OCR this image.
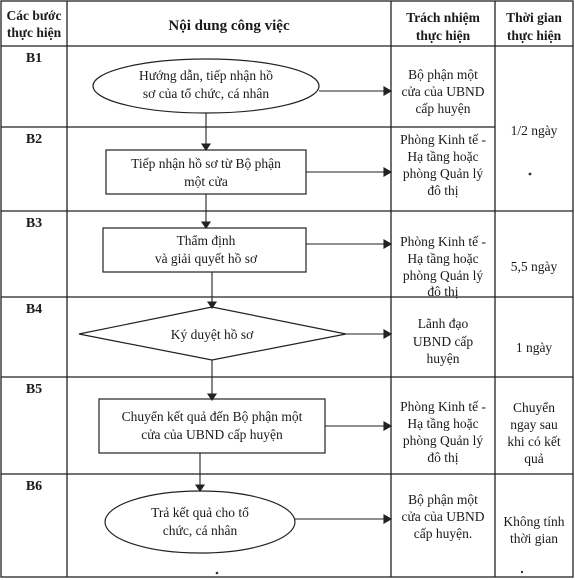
Các bước
thực hiện	Nội dung công việc
Trách nhiệm
thực hiện
Thời gian
thực hiện
B1
B2
B3
B4
B5
B6
Hướng dẫn, tiếp nhận hồ
sơ của tổ chức, cá nhân
Tiếp nhận hồ sơ từ Bộ phận
một cửa
Thẩm định
và giải quyết hồ sơ
Ký duyệt hồ sơ
Chuyển kết quả đến Bộ phận một
cửa của UBND cấp huyện
Trả kết quả cho tổ
chức, cá nhân
Bộ phận một
cửa của UBND
cấp huyện
Phòng Kinh tế -
Hạ tầng hoặc
phòng Quản lý
đô thị
Phòng Kinh tế -
Hạ tầng hoặc
phòng Quản lý
đô thị
Lãnh đạo
UBND cấp
huyện
Phòng Kinh tế -
Hạ tầng hoặc
phòng Quản lý
đô thị
Bộ phận một
cửa của UBND
cấp huyện.
1/2 ngày
5,5 ngày
1 ngày
Chuyển
ngay sau
khi có kết
quả
Không tính
thời gian
